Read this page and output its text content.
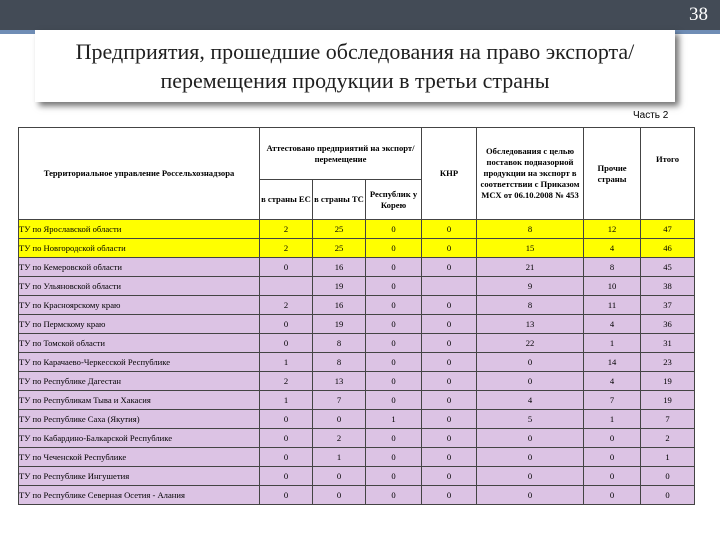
38
Предприятия, прошедшие обследования на право экспорта/перемещения продукции в третьи страны
Часть 2
Территориальное управление Россельхознадзора	Аттестовано предприятий на экспорт/перемещение			КНР	Обследования с целью поставок подназорной продукции на экспорт в соответствии с Приказом МСХ от 06.10.2008 № 453	Прочие страны	Итого
	в страны ЕС	в страны ТС	Республик у Корею				
ТУ по Ярославской области	2	25	0	0	8	12	47
ТУ по Новгородской области	2	25	0	0	15	4	46
ТУ по Кемеровской области	0	16	0	0	21	8	45
ТУ по Ульяновской области		19	0		9	10	38
ТУ по Красноярскому краю	2	16	0	0	8	11	37
ТУ по Пермскому краю	0	19	0	0	13	4	36
ТУ по Томской области	0	8	0	0	22	1	31
ТУ по Карачаево-Черкесской Республике	1	8	0	0	0	14	23
ТУ по Республике Дагестан	2	13	0	0	0	4	19
ТУ по Республикам Тыва и Хакасия	1	7	0	0	4	7	19
ТУ по Республике Саха (Якутия)	0	0	1	0	5	1	7
ТУ по Кабардино-Балкарской Республике	0	2	0	0	0	0	2
ТУ по Чеченской Республике	0	1	0	0	0	0	1
ТУ по Республике Ингушетия	0	0	0	0	0	0	0
ТУ по Республике Северная Осетия - Алания	0	0	0	0	0	0	0
